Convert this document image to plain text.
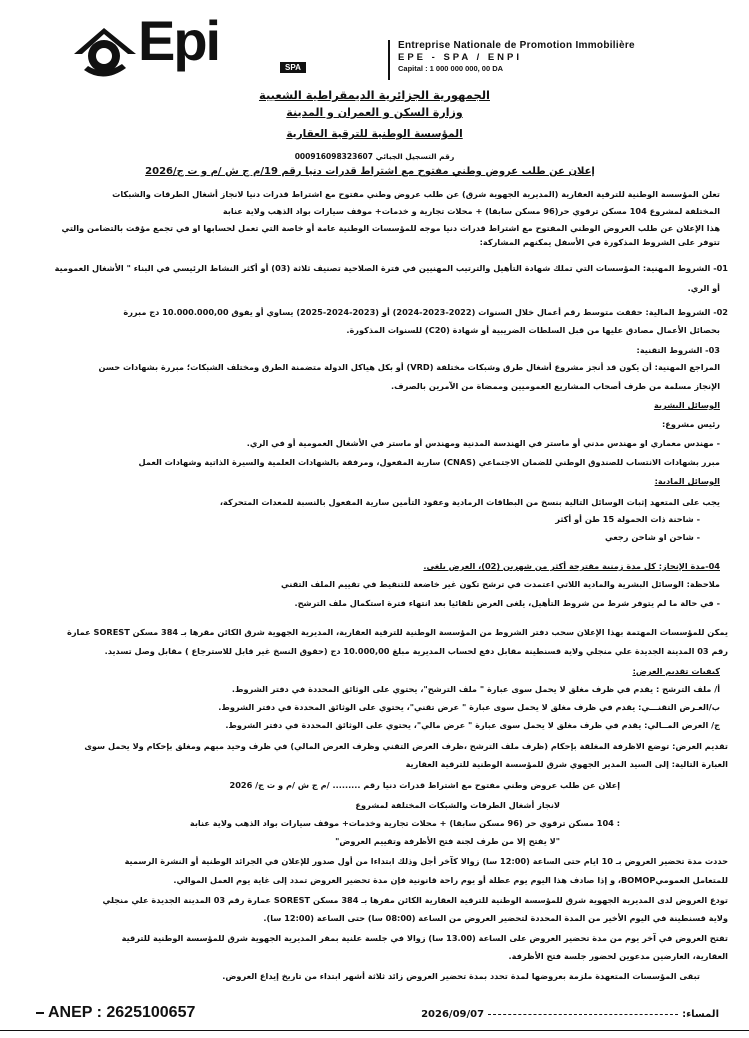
Epi	SPA
Entreprise Nationale de Promotion Immobilière
EPE - SPA / ENPI
Capital : 1 000 000 000, 00 DA
الجمهورية الجزائرية الديمقراطية الشعبية
وزارة السكن و العمران و المدينة
المؤسسة الوطنية للترقية العقارية
رقم التسجيل الجبائي 000916098323607
إعلان عن طلب عروض وطني مفتوح مع اشتراط قدرات دنيا رقم 19/م ج ش /م و ت ج/2026
تعلن المؤسسة الوطنية للترقية العقارية (المديرية الجهوية شرق) عن طلب عروض وطني مفتوح مع اشتراط قدرات دنيا لانجاز أشغال الطرقات والشبكات
المختلفة لمشروع 104 مسكن ترقوي حر(96 مسكن سابقا) + محلات تجارية و خدمات+ موقف سيارات بواد الذهب ولاية عنابة
هذا الإعلان عن طلب العروض الوطني المفتوح مع اشتراط قدرات دنيا موجه للمؤسسات الوطنية عامة أو خاصة التي تعمل لحسابها او في تجمع مؤقت بالتضامن والتي
تتوفر على الشروط المذكورة في الأسفل يمكنهم المشاركة:
01- الشروط المهنية: المؤسسات التي تملك شهادة التأهيل والترتيب المهنيين في فترة الصلاحية تصنيف ثلاثة (03) أو أكثر النشاط الرئيسي في البناء " الأشغال العمومية
أو الري.
02- الشروط المالية: حققت متوسط رقم أعمال خلال السنوات (2022-2023-2024) أو (2023-2024-2025) يساوي أو يفوق 10.000.000,00 دج مبررة
بحصائل الأعمال مصادق عليها من قبل السلطات الضريبية أو شهادة (C20) للسنوات المذكورة.
03- الشروط التقنية:
المراجع المهنية: أن يكون قد أنجز مشروع أشغال طرق وشبكات مختلفة (VRD) أو بكل هياكل الدولة متضمنة الطرق ومختلف الشبكات؛ مبررة بشهادات حسن
الإنجاز مسلمة من طرف أصحاب المشاريع العموميين وممضاة من الآمرين بالصرف.
الوسائل البشرية
رئيس مشروع:
- مهندس معماري او مهندس مدني أو ماستر في الهندسة المدنية ومهندس أو ماستر في الأشغال العمومية أو في الري.
مبرر بشهادات الانتساب للصندوق الوطني للضمان الاجتماعي (CNAS) سارية المفعول، ومرفقة بالشهادات العلمية والسيرة الذاتية وشهادات العمل
الوسائل المادية:
يجب على المتعهد إثبات الوسائل التالية بنسخ من البطاقات الرمادية وعقود التأمين سارية المفعول بالنسبة للمعدات المتحركة،
- شاحنة ذات الحمولة 15 طن أو أكثر
- شاحن او شاحن رجعي
04-مدة الإنجاز: كل مدة زمنية مقترحة أكثر من شهرين (02)، العرض يلغى.
ملاحظة: الوسائل البشرية والمادية اللاتي اعتمدت في ترشح تكون غير خاضعة للتنقيط في تقييم الملف التقني
- في حالة ما لم يتوفر شرط من شروط التأهيل، يلغى العرض تلقائيا بعد انتهاء فترة استكمال ملف الترشح.
يمكن للمؤسسات المهتمة بهذا الإعلان سحب دفتر الشروط من المؤسسة الوطنية للترقية العقارية، المديرية الجهوية شرق الكائن مقرها بـ 384 مسكن SOREST عمارة
رقم 03 المدينة الجديدة علي منجلي ولاية قسنطينة مقابل دفع لحساب المديرية مبلغ 10.000,00 دج (حقوق النسخ غير قابل للاسترجاع ) مقابل وصل تسديد.
كيفيات تقديم العرض:
أ/ ملف الترشح : يقدم في ظرف مغلق لا يحمل سوى عبارة " ملف الترشح"، يحتوي على الوثائق المحددة في دفتر الشروط.
ب/العـرض التقنـــي: يقدم في ظرف مغلق لا يحمل سوى عبارة " عرض تقني"، يحتوي على الوثائق المحددة في دفتر الشروط.
ج/ العرض المــالي: يقدم في ظرف مغلق لا يحمل سوى عبارة " عرض مالي"، يحتوي على الوثائق المحددة في دفتر الشروط.
تقديم العرض: توضع الاظرفة المغلقة بإحكام (ظرف ملف الترشح ،ظرف العرض التقني وظرف العرض المالي) في ظرف وحيد مبهم ومغلق بإحكام ولا يحمل سوى
العبارة التالية: إلى السيد المدير الجهوي شرق للمؤسسة الوطنية للترقية العقارية
إعلان عن طلب عروض وطني مفتوح مع اشتراط قدرات دنيا رقم ......... /م ج ش /م و ت ج/ 2026
لانجاز أشغال الطرقات والشبكات المختلفة لمشروع
: 104 مسكن ترقوي حر (96 مسكن سابقا) + محلات تجارية وخدمات+ موقف سيارات بواد الذهب ولاية عنابة
"لا يفتح إلا من طرف لجنة فتح الأظرفة وتقييم العروض"
حددت مدة تحضير العروض بـ 10 ايام حتى الساعة (12:00 سا) زوالا كآخر أجل وذلك ابتداءا من أول صدور للإعلان في الجرائد الوطنية أو النشرة الرسمية
للمتعامل العموميBOMOP، و إذا صادف هذا اليوم يوم عطلة أو يوم راحة قانونية فإن مدة تحضير العروض تمدد إلى غاية يوم العمل الموالي.
تودع العروض لدى المديرية الجهوية شرق للمؤسسة الوطنية للترقية العقارية الكائن مقرها بـ 384 مسكن SOREST عمارة رقم 03 المدينة الجديدة علي منجلي
ولاية قسنطينة في اليوم الأخير من المدة المحددة لتحضير العروض من الساعة (08:00 سا) حتى الساعة (12:00 سا).
تفتح العروض في آخر يوم من مدة تحضير العروض على الساعة (13.00 سا) زوالا في جلسة علنية بمقر المديرية الجهوية شرق للمؤسسة الوطنية للترقية
العقارية، العارضين مدعوين لحضور جلسة فتح الأظرفة.
تبقى المؤسسات المتعهدة ملزمة بعروضها لمدة تحدد بمدة تحضير العروض زائد ثلاثة أشهر ابتداء من تاريخ إيداع العروض.
ANEP : 2625100657	المساء:2026/09/07
